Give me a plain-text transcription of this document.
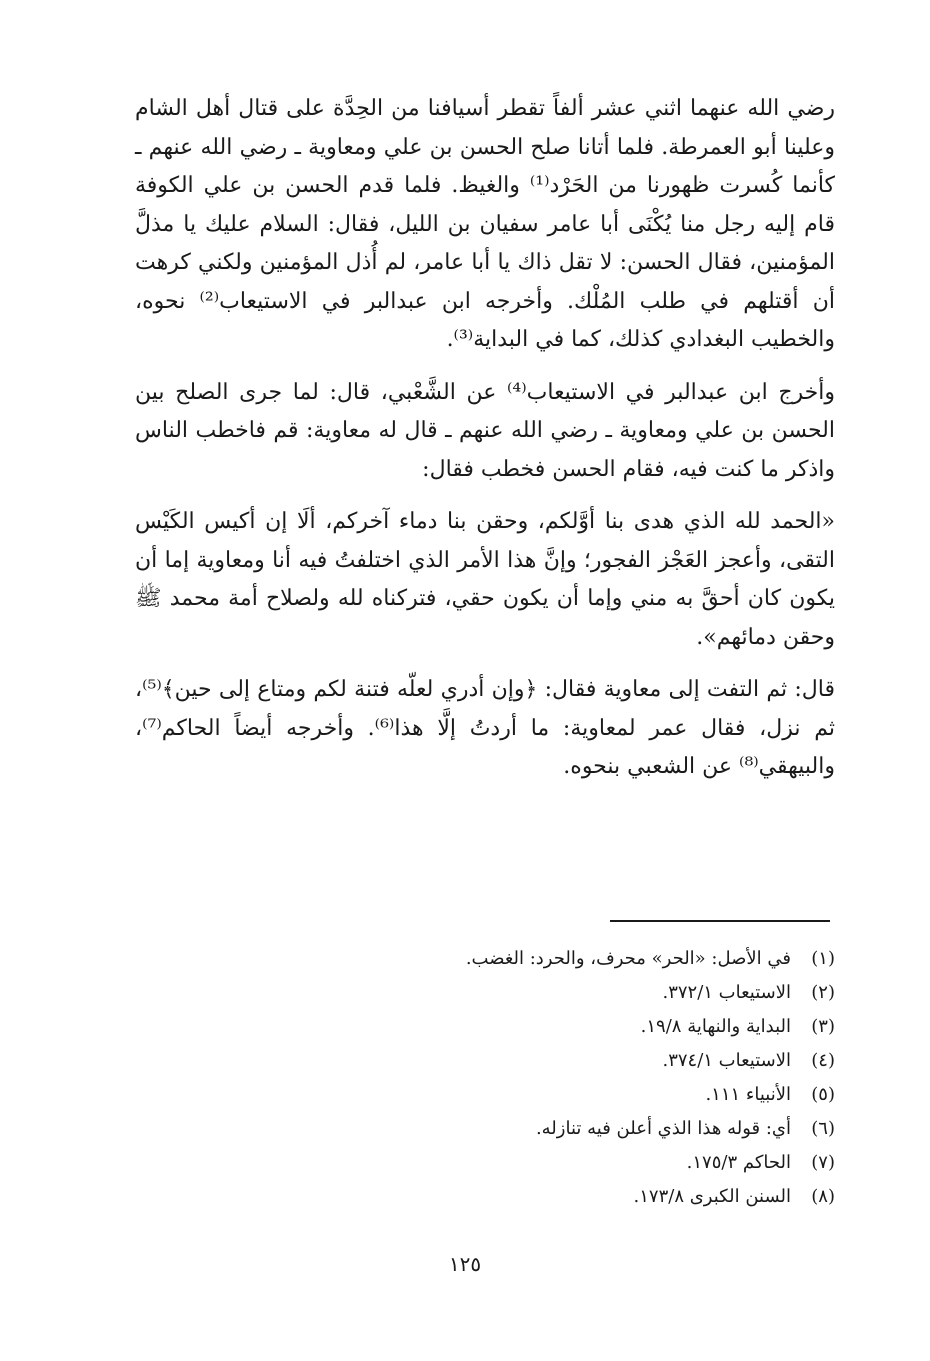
رضي الله عنهما اثني عشر ألفاً تقطر أسيافنا من الحِدَّة على قتال أهل الشام وعلينا أبو العمرطة. فلما أتانا صلح الحسن بن علي ومعاوية ـ رضي الله عنهم ـ كأنما كُسرت ظهورنا من الحَرْد⁽¹⁾ والغيظ. فلما قدم الحسن بن علي الكوفة قام إليه رجل منا يُكْنَى أبا عامر سفيان بن الليل، فقال: السلام عليك يا مذلَّ المؤمنين، فقال الحسن: لا تقل ذاك يا أبا عامر، لم أُذل المؤمنين ولكني كرهت أن أقتلهم في طلب المُلْك. وأخرجه ابن عبدالبر في الاستيعاب⁽²⁾ نحوه، والخطيب البغدادي كذلك، كما في البداية⁽³⁾.

وأخرج ابن عبدالبر في الاستيعاب⁽⁴⁾ عن الشَّعْبي، قال: لما جرى الصلح بين الحسن بن علي ومعاوية ـ رضي الله عنهم ـ قال له معاوية: قم فاخطب الناس واذكر ما كنت فيه، فقام الحسن فخطب فقال:

«الحمد لله الذي هدى بنا أوَّلكم، وحقن بنا دماء آخركم، ألَا إن أكيس الكَيْس التقى، وأعجز العَجْز الفجور؛ وإنَّ هذا الأمر الذي اختلفتُ فيه أنا ومعاوية إما أن يكون كان أحقَّ به مني وإما أن يكون حقي، فتركناه لله ولصلاح أمة محمد ﷺ وحقن دمائهم».

قال: ثم التفت إلى معاوية فقال: ﴿وإن أدري لعلّه فتنة لكم ومتاع إلى حين﴾⁽⁵⁾، ثم نزل، فقال عمر لمعاوية: ما أردتُ إلَّا هذا⁽⁶⁾. وأخرجه أيضاً الحاكم⁽⁷⁾، والبيهقي⁽⁸⁾ عن الشعبي بنحوه.

(١)
في الأصل: «الحر» محرف، والحرد: الغضب.
(٢)
الاستيعاب ٣٧٢/١.
(٣)
البداية والنهاية ١٩/٨.
(٤)
الاستيعاب ٣٧٤/١.
(٥)
الأنبياء ١١١.
(٦)
أي: قوله هذا الذي أعلن فيه تنازله.
(٧)
الحاكم ١٧٥/٣.
(٨)
السنن الكبرى ١٧٣/٨.
١٢٥
